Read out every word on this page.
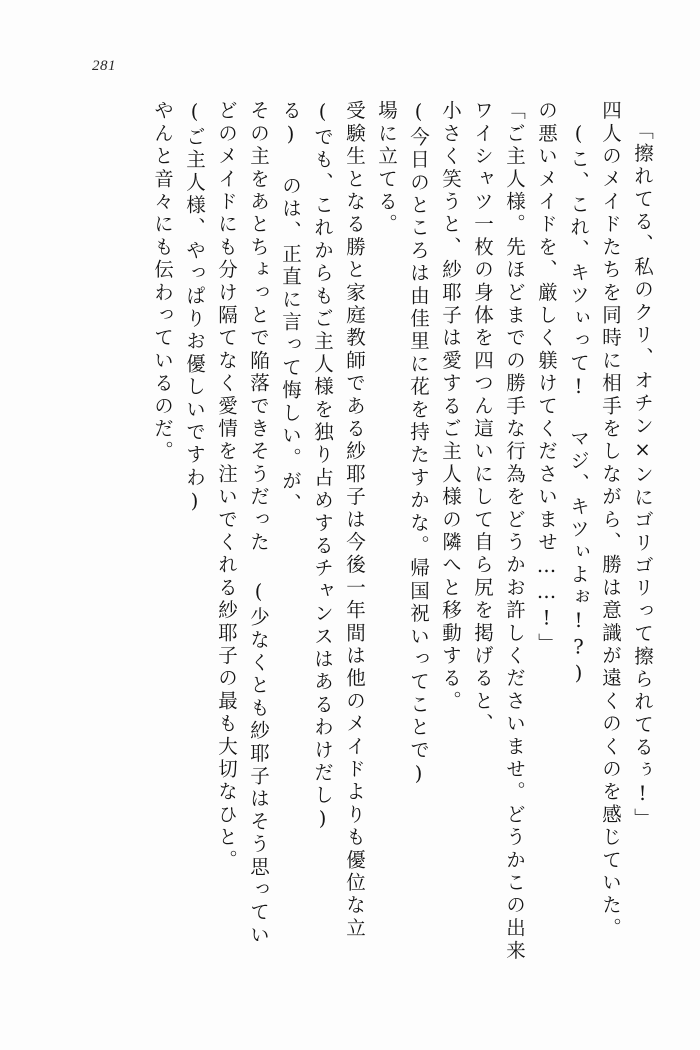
281
やんと音々にも伝わっているのだ。 (ご主人様、やっぱりお優しいですわ) どのメイドにも分け隔てなく愛情を注いでくれる紗耶子の最も大切なひと。 その主をあとちょっとで陥落できそうだった (少なくとも紗耶子はそう思ってい る) のは、正直に言って悔しい。が、 (でも、これからもご主人様を独り占めするチャンスはあるわけだし) 受験生となる勝と家庭教師である紗耶子は今後一年間は他のメイドよりも優位な立 場に立てる。 (今日のところは由佳里に花を持たすかな。帰国祝いってことで) 小さく笑うと、紗耶子は愛するご主人様の隣へと移動する。 ワイシャツ一枚の身体を四つん這いにして自ら尻を掲げると、 「ご主人様。先ほどまでの勝手な行為をどうかお許しくださいませ。どうかこの出来 の悪いメイドを、厳しく躾けてくださいませ……!」 (こ、これ、キツぃって! マジ、キツぃよぉ!?) 四人のメイドたちを同時に相手をしながら、勝は意識が遠くのくのを感じていた。 「擦れてる、私のクリ、オチン×ンにゴリゴリって擦られてるぅ!」
